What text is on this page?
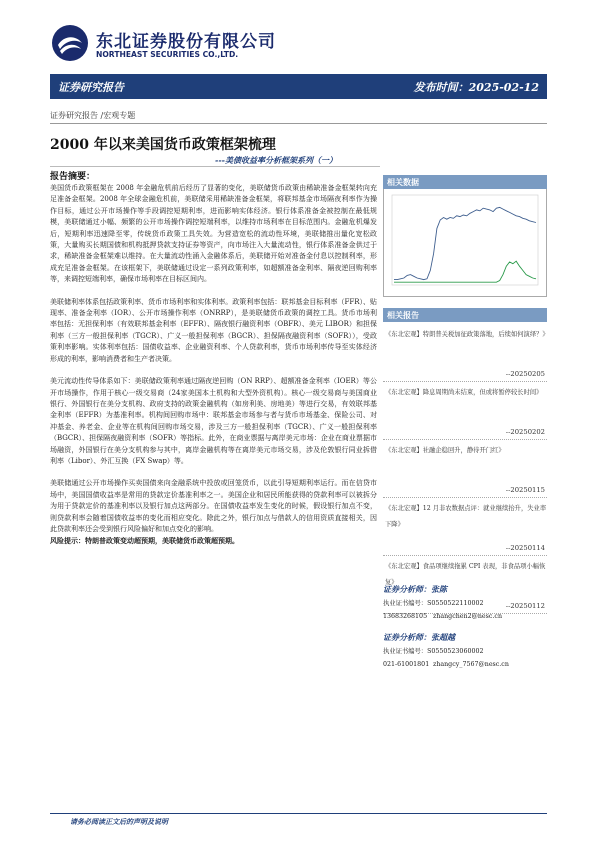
东北证券股份有限公司
NORTHEAST SECURITIES CO.,LTD.
证券研究报告	发布时间：2025-02-12
证券研究报告 /宏观专题
2000 年以来美国货币政策框架梳理
---美债收益率分析框架系列（一）
报告摘要：

美国货币政策框架在 2008 年金融危机前后经历了显著的变化，美联储货币政策由稀缺准备金框架转向充足准备金框架。2008 年全球金融危机前，美联储采用稀缺准备金框架，将联邦基金市场隔夜利率作为操作目标，通过公开市场操作等手段调控短期利率，进而影响实体经济。银行体系准备金被控制在最低规模，美联储通过小幅、频繁的公开市场操作调控短端利率，以维持市场利率在目标范围内。金融危机爆发后，短期利率迅速降至零，传统货币政策工具失效。为营造宽松的流动性环境，美联储推出量化宽松政策，大量购买长期国债和机构抵押贷款支持证券等资产，向市场注入大量流动性，银行体系准备金供过于求，稀缺准备金框架难以维持。在大量流动性涌入金融体系后，美联储开始对准备金付息以控制利率，形成充足准备金框架。在该框架下，美联储通过设定一系列政策利率，如超额准备金利率、隔夜逆回购利率等，来调控短端利率，确保市场利率在目标区间内。

美联储利率体系包括政策利率、货币市场利率和实体利率。政策利率包括：联邦基金目标利率（FFR）、贴现率、准备金利率（IOR）、公开市场操作利率（ONRRP），是美联储货币政策的调控工具。货币市场利率包括：无担保利率（有效联邦基金利率（EFFR）、隔夜银行融资利率（OBFR）、美元 LIBOR）和担保利率（三方一般担保利率（TGCR）、广义一般担保利率（BGCR）、担保隔夜融资利率（SOFR）），受政策利率影响。实体利率包括：国债收益率、企业融资利率、个人贷款利率，货币市场利率传导至实体经济形成的利率，影响消费者和生产者决策。

美元流动性传导体系如下：美联储政策利率通过隔夜逆回购（ON RRP）、超额准备金利率（IOER）等公开市场操作，作用于核心一级交易商（24家美国本土机构和大型外资机构）。核心一级交易商与美国商业银行、外国银行在美分支机构、政府支持的政策金融机构（如房利美、房地美）等进行交易，有效联邦基金利率（EFFR）为基准利率。机构间回购市场中：联邦基金市场参与者与货币市场基金、保险公司、对冲基金、养老金、企业等在机构间回购市场交易，涉及三方一般担保利率（TGCR）、广义一般担保利率（BGCR）、担保隔夜融资利率（SOFR）等指标。此外，在商业票据与离岸美元市场：企业在商业票据市场融资，外国银行在美分支机构参与其中，离岸金融机构等在离岸美元市场交易，涉及伦敦银行同业拆借利率（Libor）、外汇互换（FX Swap）等。

美联储通过公开市场操作买卖国债来向金融系统中投放或回笼货币，以此引导短期利率运行。而在信贷市场中，美国国债收益率是常用的贷款定价基准利率之一。美国企业和居民所能获得的贷款利率可以被拆分为用于贷款定价的基准利率以及银行加点这两部分。在国债收益率发生变化的时候，假设银行加点不变，则贷款利率会随着国债收益率的变化而相应变化。除此之外，银行加点与借款人的信用资质直接相关，因此贷款利率还会受到银行风险偏好和加点变化的影响。

风险提示：特朗普政策变动超预期，美联储货币政策超预期。
相关数据
相关报告
《东北宏观】特朗普关税加征政策落地，后续如何演绎？》
--20250205
《东北宏观】降息周期尚未结束，但或将暂停较长时间》
--20250202
《东北宏观】社融企稳回升，静待开门红》
--20250115
《东北宏观】12 月非农数据点评：就业继续抬升，失业率下降》
--20250114
《东北宏观】食品项继续拖累 CPI 表现，非食品项小幅恢复》
--20250112
证券分析师：张陈
执业证书编号：S0550522110002
13683268105 zhangchen2@nesc.cn
证券分析师：张超越
执业证书编号：S0550523060002
021-61001801 zhangcy_7567@nesc.cn
请务必阅读正文后的声明及说明
